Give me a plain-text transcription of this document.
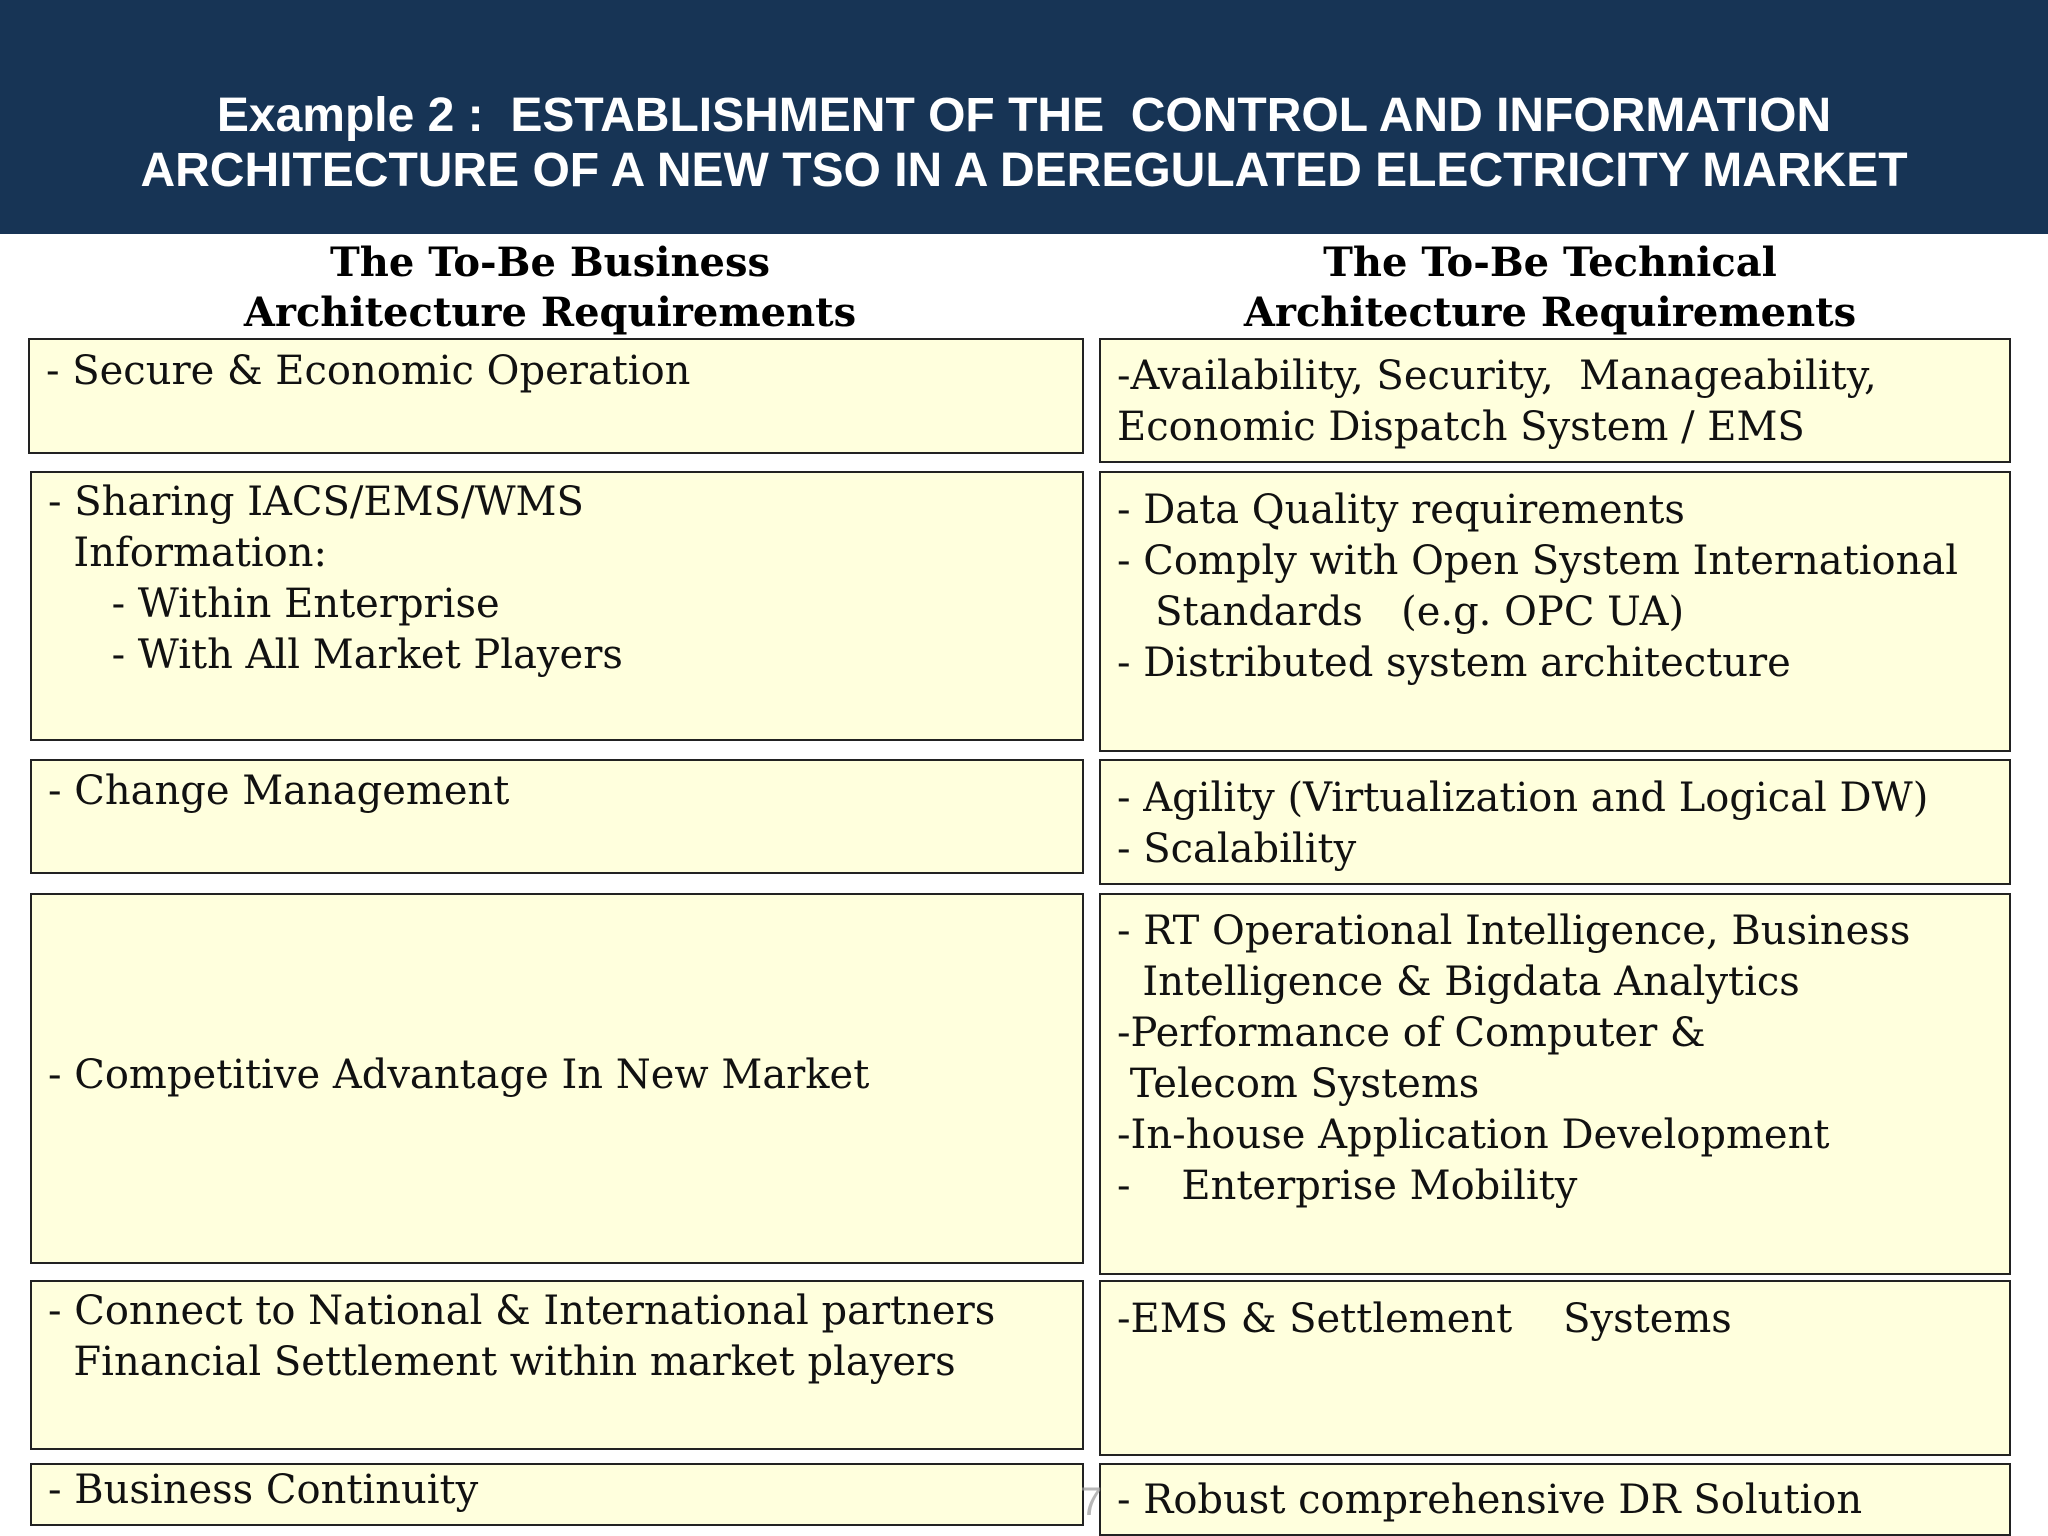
Example 2 :  ESTABLISHMENT OF THE  CONTROL AND INFORMATION
ARCHITECTURE OF A NEW TSO IN A DEREGULATED ELECTRICITY MARKET
The To-Be Business
Architecture Requirements
The To-Be Technical
Architecture Requirements
- Secure & Economic Operation
- Sharing IACS/EMS/WMS
Information:
- Within Enterprise
- With All Market Players
- Change Management
- Competitive Advantage In New Market
- Connect to National & International partners
Financial Settlement within market players
- Business Continuity
-Availability, Security,  Manageability,
Economic Dispatch System / EMS
- Data Quality requirements
- Comply with Open System International
Standards   (e.g. OPC UA)
- Distributed system architecture
- Agility (Virtualization and Logical DW)
- Scalability
- RT Operational Intelligence, Business
Intelligence & Bigdata Analytics
-Performance of Computer &
Telecom Systems
-In-house Application Development
-    Enterprise Mobility
-EMS & Settlement    Systems
- Robust comprehensive DR Solution
7
